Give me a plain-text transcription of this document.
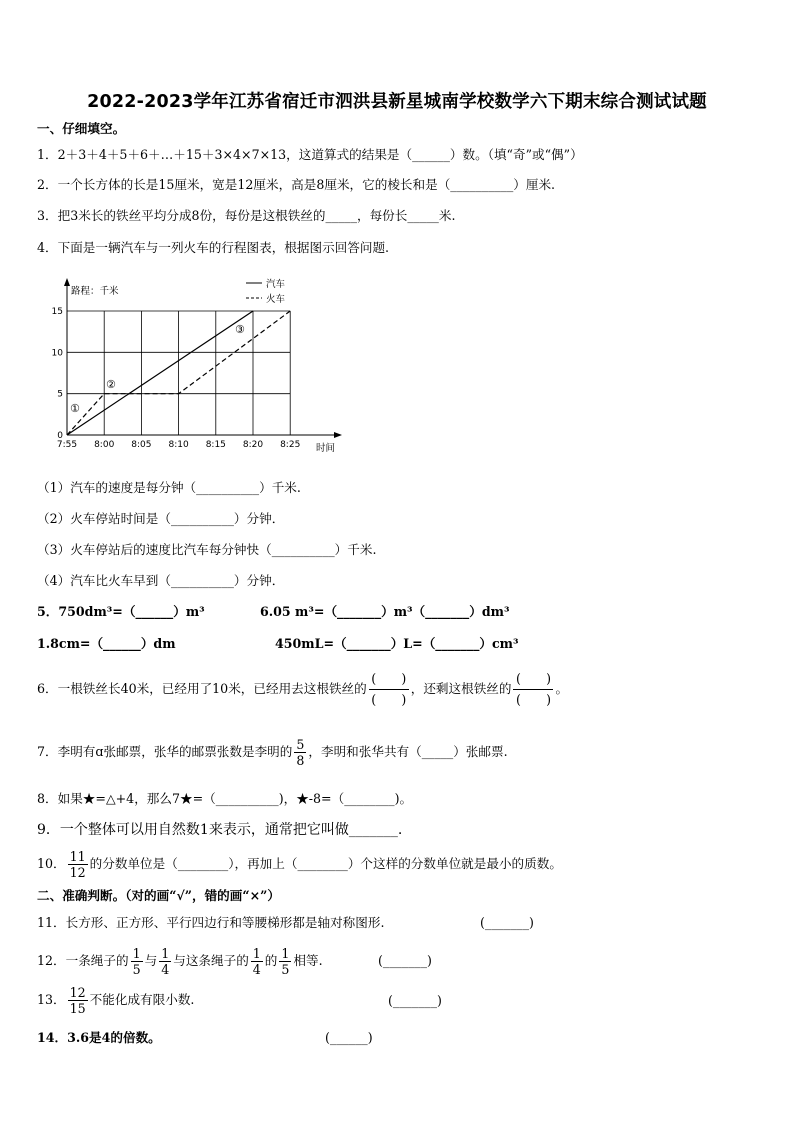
2022-2023学年江苏省宿迁市泗洪县新星城南学校数学六下期末综合测试试题
一、仔细填空。
1．2＋3＋4＋5＋6＋…＋15＋3×4×7×13，这道算式的结果是（______）数。（填“奇”或“偶”）
2．一个长方体的长是15厘米，宽是12厘米，高是8厘米，它的棱长和是（__________）厘米.
3．把3米长的铁丝平均分成8份，每份是这根铁丝的_____，每份长_____米.
4．下面是一辆汽车与一列火车的行程图表，根据图示回答问题.
7:55 8:00 8:05 8:10 8:15 8:20 8:25
0
5
10
15
路程：千米
时间
汽车
火车
①
②
③
（1）汽车的速度是每分钟（__________）千米.
（2）火车停站时间是（__________）分钟．
（3）火车停站后的速度比汽车每分钟快（__________）千米.
（4）汽车比火车早到（__________）分钟．
5．750dm³=（______）m³	6.05 m³=（_______）m³（_______）dm³
1.8cm=（______）dm	450mL=（_______）L=（_______）cm³
6．一根铁丝长40米，已经用了10米，已经用去这根铁丝的 $\frac{( )}{( )}$ ，还剩这根铁丝的 $\frac{( )}{( )}$ 。
7．李明有ɑ张邮票，张华的邮票张数是李明的 $\frac{5}{8}$ ，李明和张华共有（_____）张邮票.
8．如果★=△+4，那么7★=（__________)，★-8=（________)。
9．一个整体可以用自然数1来表示，通常把它叫做_______.
10． $\frac{11}{12}$ 的分数单位是（________），再加上（________）个这样的分数单位就是最小的质数。
二、准确判断。（对的画“√”，错的画“×”）
11．长方形、正方形、平行四边行和等腰梯形都是轴对称图形.	(_______)
12．一条绳子的 $\frac{1}{5}$ 与 $\frac{1}{4}$ 与这条绳子的 $\frac{1}{4}$ 的 $\frac{1}{5}$ 相等.	(_______)
13． $\frac{12}{15}$ 不能化成有限小数.	(_______)
14．3.6是4的倍数。	(______)
